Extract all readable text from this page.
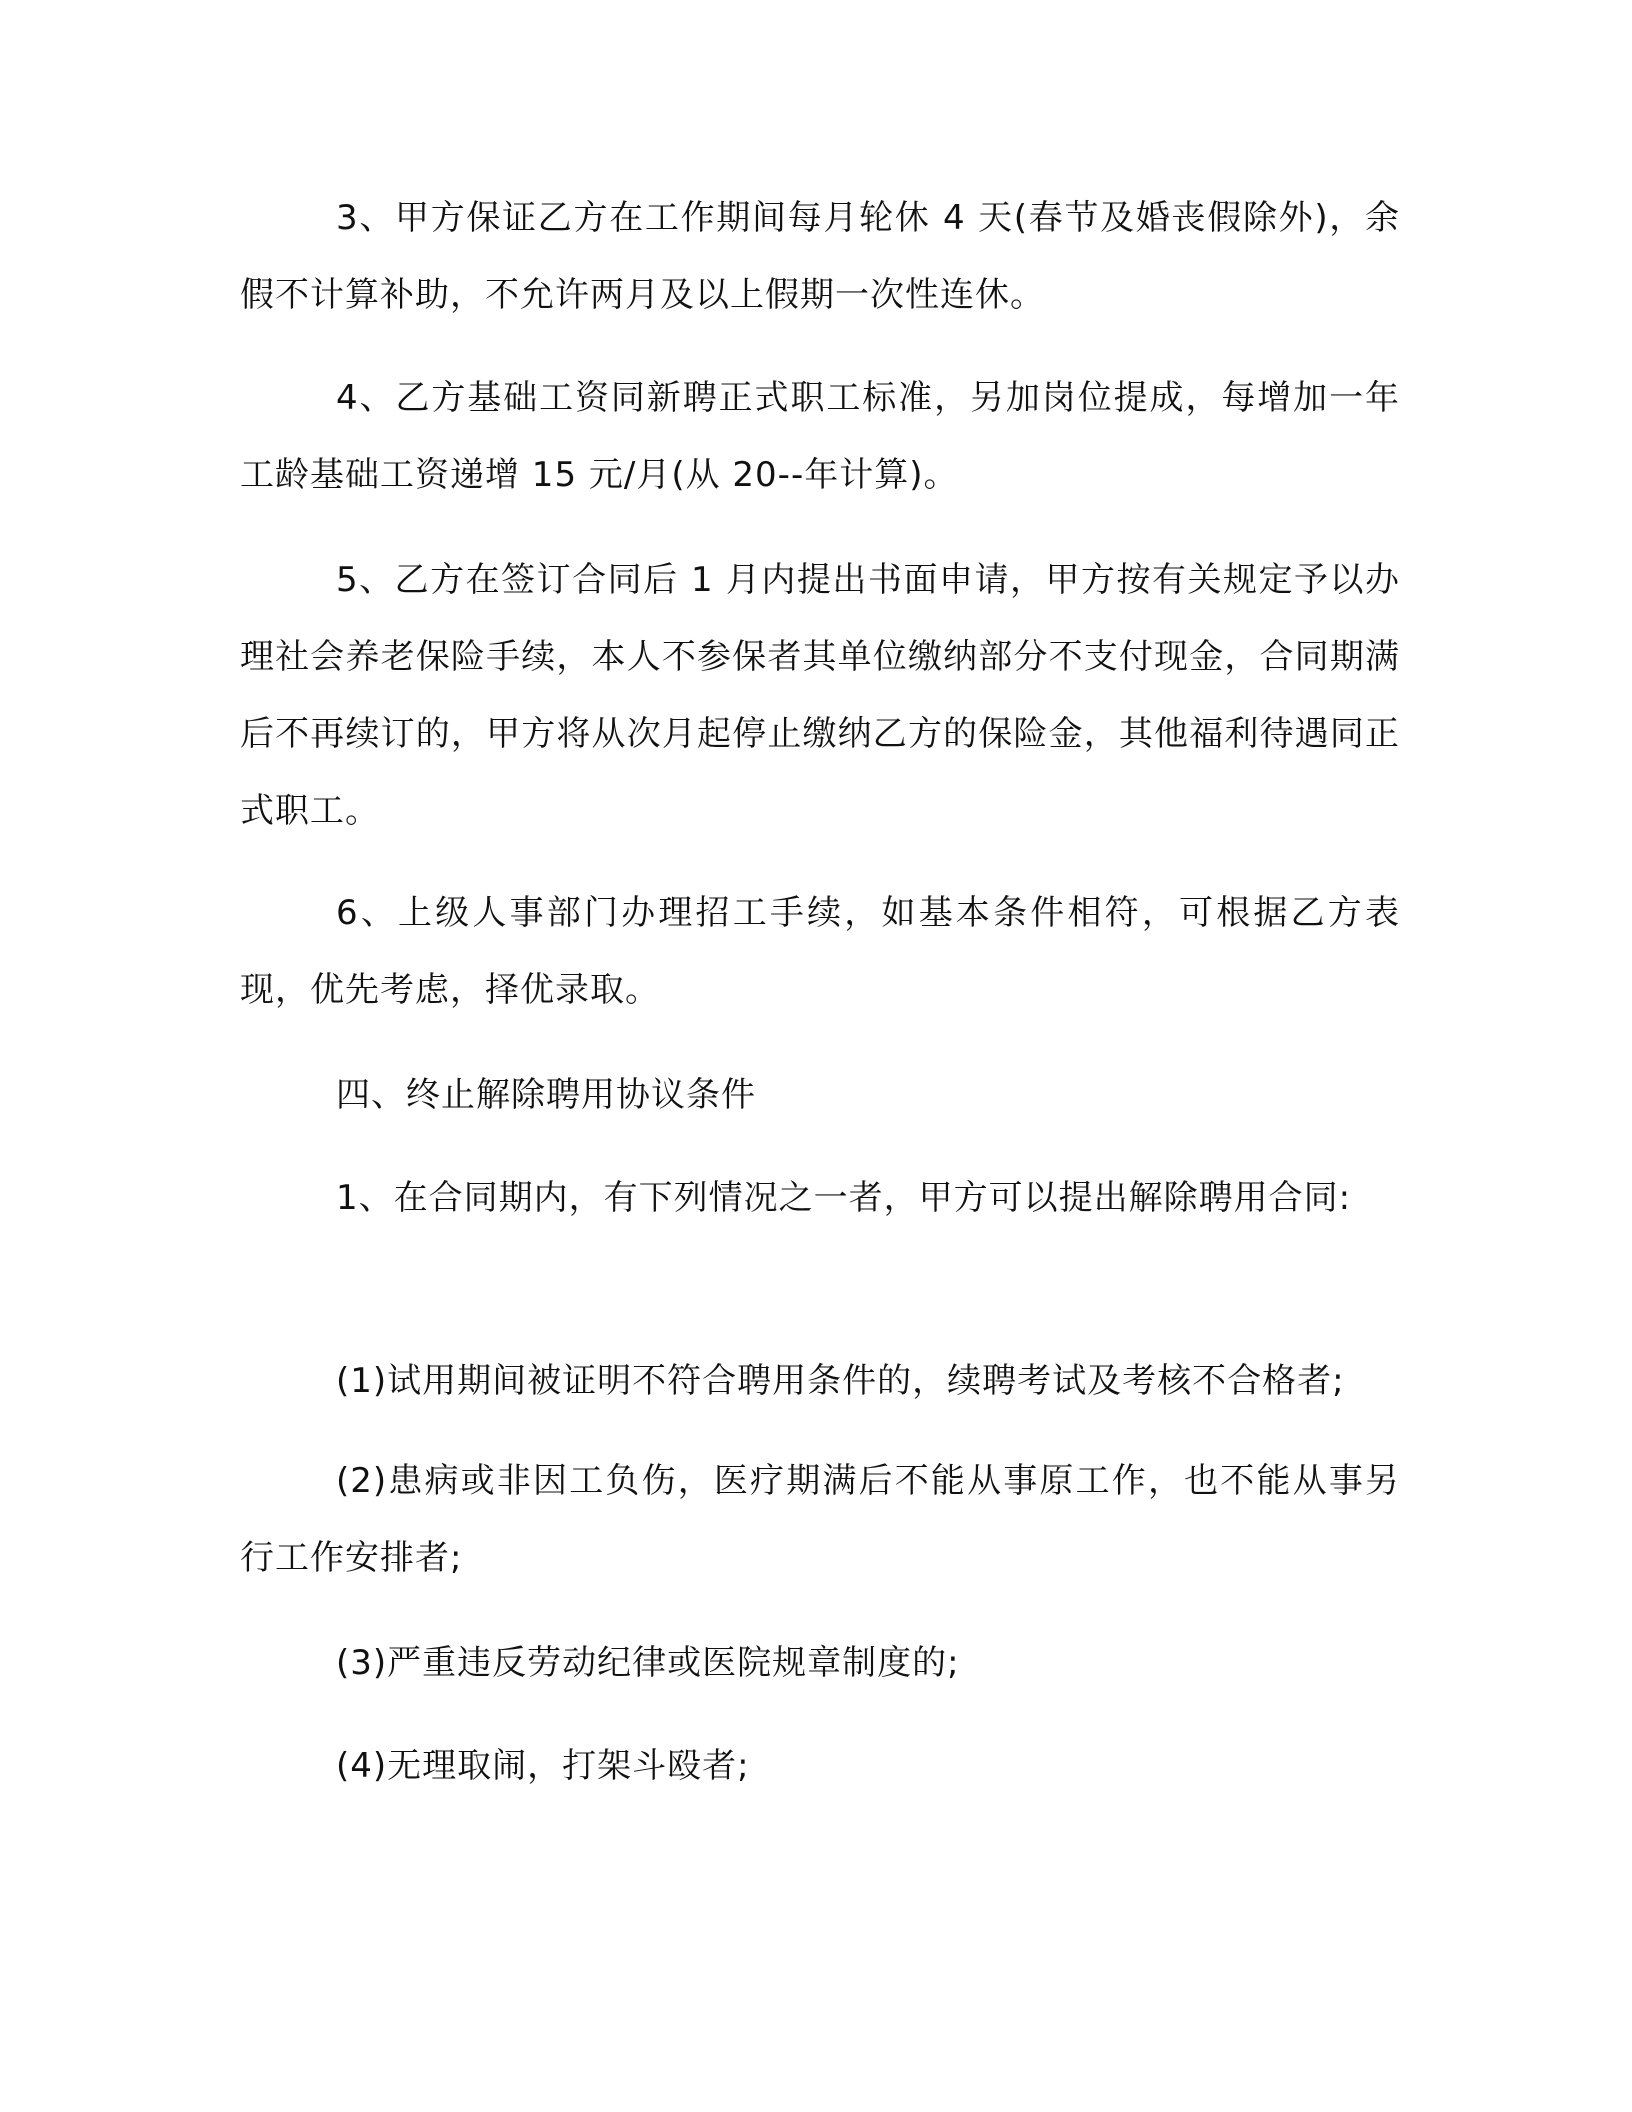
3、甲方保证乙方在工作期间每月轮休 4 天(春节及婚丧假除外)，余假不计算补助，不允许两月及以上假期一次性连休。

4、乙方基础工资同新聘正式职工标准，另加岗位提成，每增加一年工龄基础工资递增 15 元/月(从 20--年计算)。

5、乙方在签订合同后 1 月内提出书面申请，甲方按有关规定予以办理社会养老保险手续，本人不参保者其单位缴纳部分不支付现金，合同期满后不再续订的，甲方将从次月起停止缴纳乙方的保险金，其他福利待遇同正式职工。

6、上级人事部门办理招工手续，如基本条件相符，可根据乙方表现，优先考虑，择优录取。

四、终止解除聘用协议条件

1、在合同期内，有下列情况之一者，甲方可以提出解除聘用合同:

(1)试用期间被证明不符合聘用条件的，续聘考试及考核不合格者;

(2)患病或非因工负伤，医疗期满后不能从事原工作，也不能从事另行工作安排者;

(3)严重违反劳动纪律或医院规章制度的;

(4)无理取闹，打架斗殴者;
